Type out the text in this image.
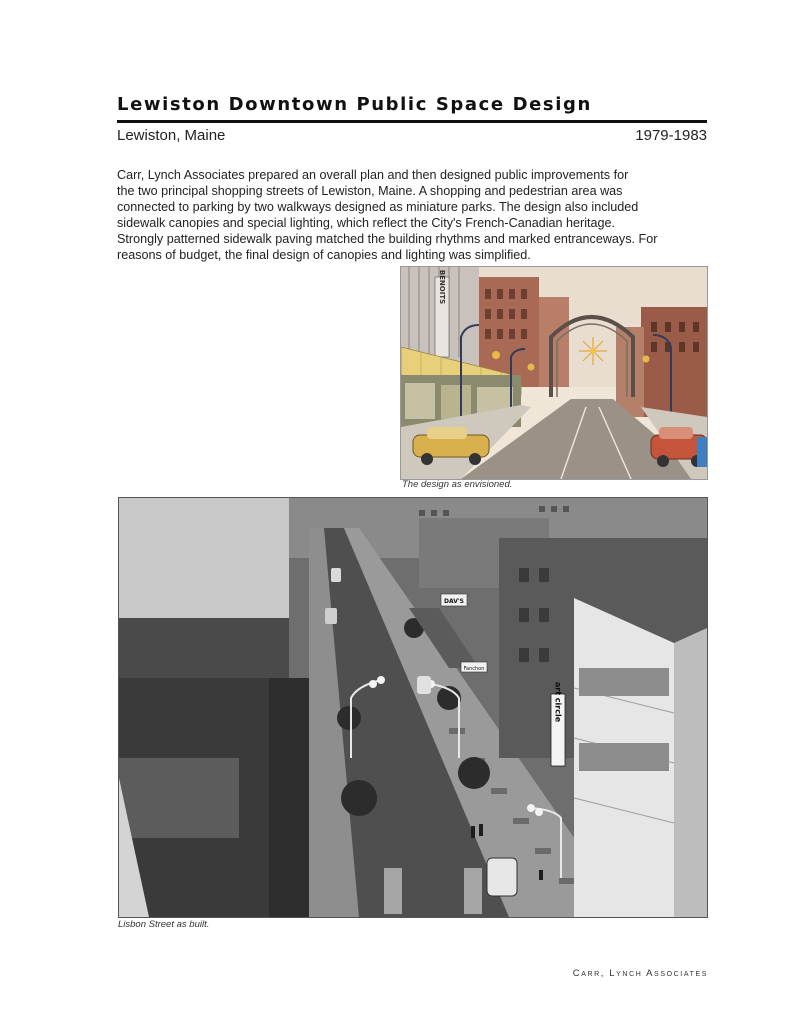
Lewiston Downtown Public Space Design
Lewiston, Maine	1979-1983

Carr, Lynch Associates prepared an overall plan and then designed public improvements for

the two principal shopping streets of Lewiston, Maine. A shopping and pedestrian area was

connected to parking by two walkways designed as miniature parks. The design also included

sidewalk canopies and special lighting, which reflect the City's French-Canadian heritage.

Strongly patterned sidewalk paving matched the building rhythms and marked entranceways. For

reasons of budget, the final design of canopies and lighting was simplified.

BENOITS
The design as envisioned.
art circle
DAV'S
Fanchon
Lisbon Street as built.
Carr, Lynch Associates
